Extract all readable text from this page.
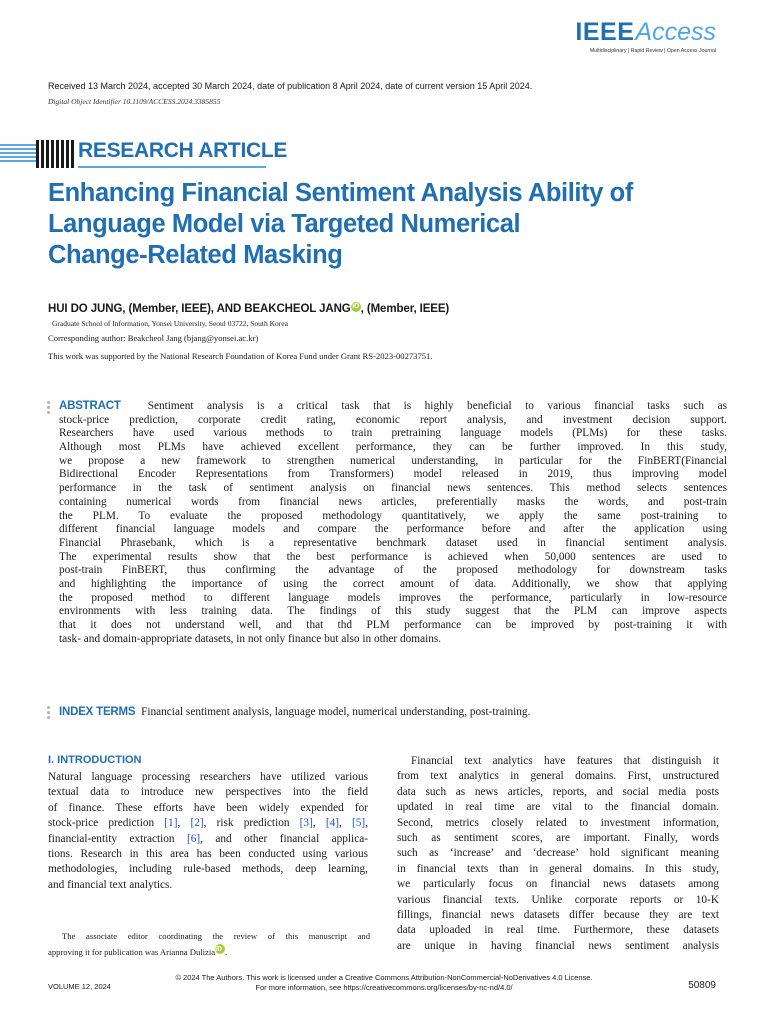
IEEEAccess
Multidisciplinary | Rapid Review | Open Access Journal
Received 13 March 2024, accepted 30 March 2024, date of publication 8 April 2024, date of current version 15 April 2024.
Digital Object Identifier 10.1109/ACCESS.2024.3385855
RESEARCH ARTICLE
Enhancing Financial Sentiment Analysis Ability of
Language Model via Targeted Numerical
Change-Related Masking
HUI DO JUNG, (Member, IEEE), AND BEAKCHEOL JANG iD , (Member, IEEE)
Graduate School of Information, Yonsei University, Seoul 03722, South Korea
Corresponding author: Beakcheol Jang (bjang@yonsei.ac.kr)
This work was supported by the National Research Foundation of Korea Fund under Grant RS-2023-00273751.
ABSTRACT Sentiment analysis is a critical task that is highly beneficial to various financial tasks such as
stock-price prediction, corporate credit rating, economic report analysis, and investment decision support.
Researchers have used various methods to train pretraining language models (PLMs) for these tasks.
Although most PLMs have achieved excellent performance, they can be further improved. In this study,
we propose a new framework to strengthen numerical understanding, in particular for the FinBERT(Financial
Bidirectional Encoder Representations from Transformers) model released in 2019, thus improving model
performance in the task of sentiment analysis on financial news sentences. This method selects sentences
containing numerical words from financial news articles, preferentially masks the words, and post-train
the PLM. To evaluate the proposed methodology quantitatively, we apply the same post-training to
different financial language models and compare the performance before and after the application using
Financial Phrasebank, which is a representative benchmark dataset used in financial sentiment analysis.
The experimental results show that the best performance is achieved when 50,000 sentences are used to
post-train FinBERT, thus confirming the advantage of the proposed methodology for downstream tasks
and highlighting the importance of using the correct amount of data. Additionally, we show that applying
the proposed method to different language models improves the performance, particularly in low-resource
environments with less training data. The findings of this study suggest that the PLM can improve aspects
that it does not understand well, and that thd PLM performance can be improved by post-training it with
task- and domain-appropriate datasets, in not only finance but also in other domains.
INDEX TERMS Financial sentiment analysis, language model, numerical understanding, post-training.
I. INTRODUCTION
Natural language processing researchers have utilized various
textual data to introduce new perspectives into the field
of finance. These efforts have been widely expended for
stock-price prediction [1], [2], risk prediction [3], [4], [5],
financial-entity extraction [6], and other financial applica-
tions. Research in this area has been conducted using various
methodologies, including rule-based methods, deep learning,
and financial text analytics.
Financial text analytics have features that distinguish it
from text analytics in general domains. First, unstructured
data such as news articles, reports, and social media posts
updated in real time are vital to the financial domain.
Second, metrics closely related to investment information,
such as sentiment scores, are important. Finally, words
such as ‘increase’ and ‘decrease’ hold significant meaning
in financial texts than in general domains. In this study,
we particularly focus on financial news datasets among
various financial texts. Unlike corporate reports or 10-K
fillings, financial news datasets differ because they are text
data uploaded in real time. Furthermore, these datasets
are unique in having financial news sentiment analysis
The associate editor coordinating the review of this manuscript and
approving it for publication was Arianna DuliziaiD .
VOLUME 12, 2024
© 2024 The Authors. This work is licensed under a Creative Commons Attribution-NonCommercial-NoDerivatives 4.0 License.
For more information, see https://creativecommons.org/licenses/by-nc-nd/4.0/	50809
